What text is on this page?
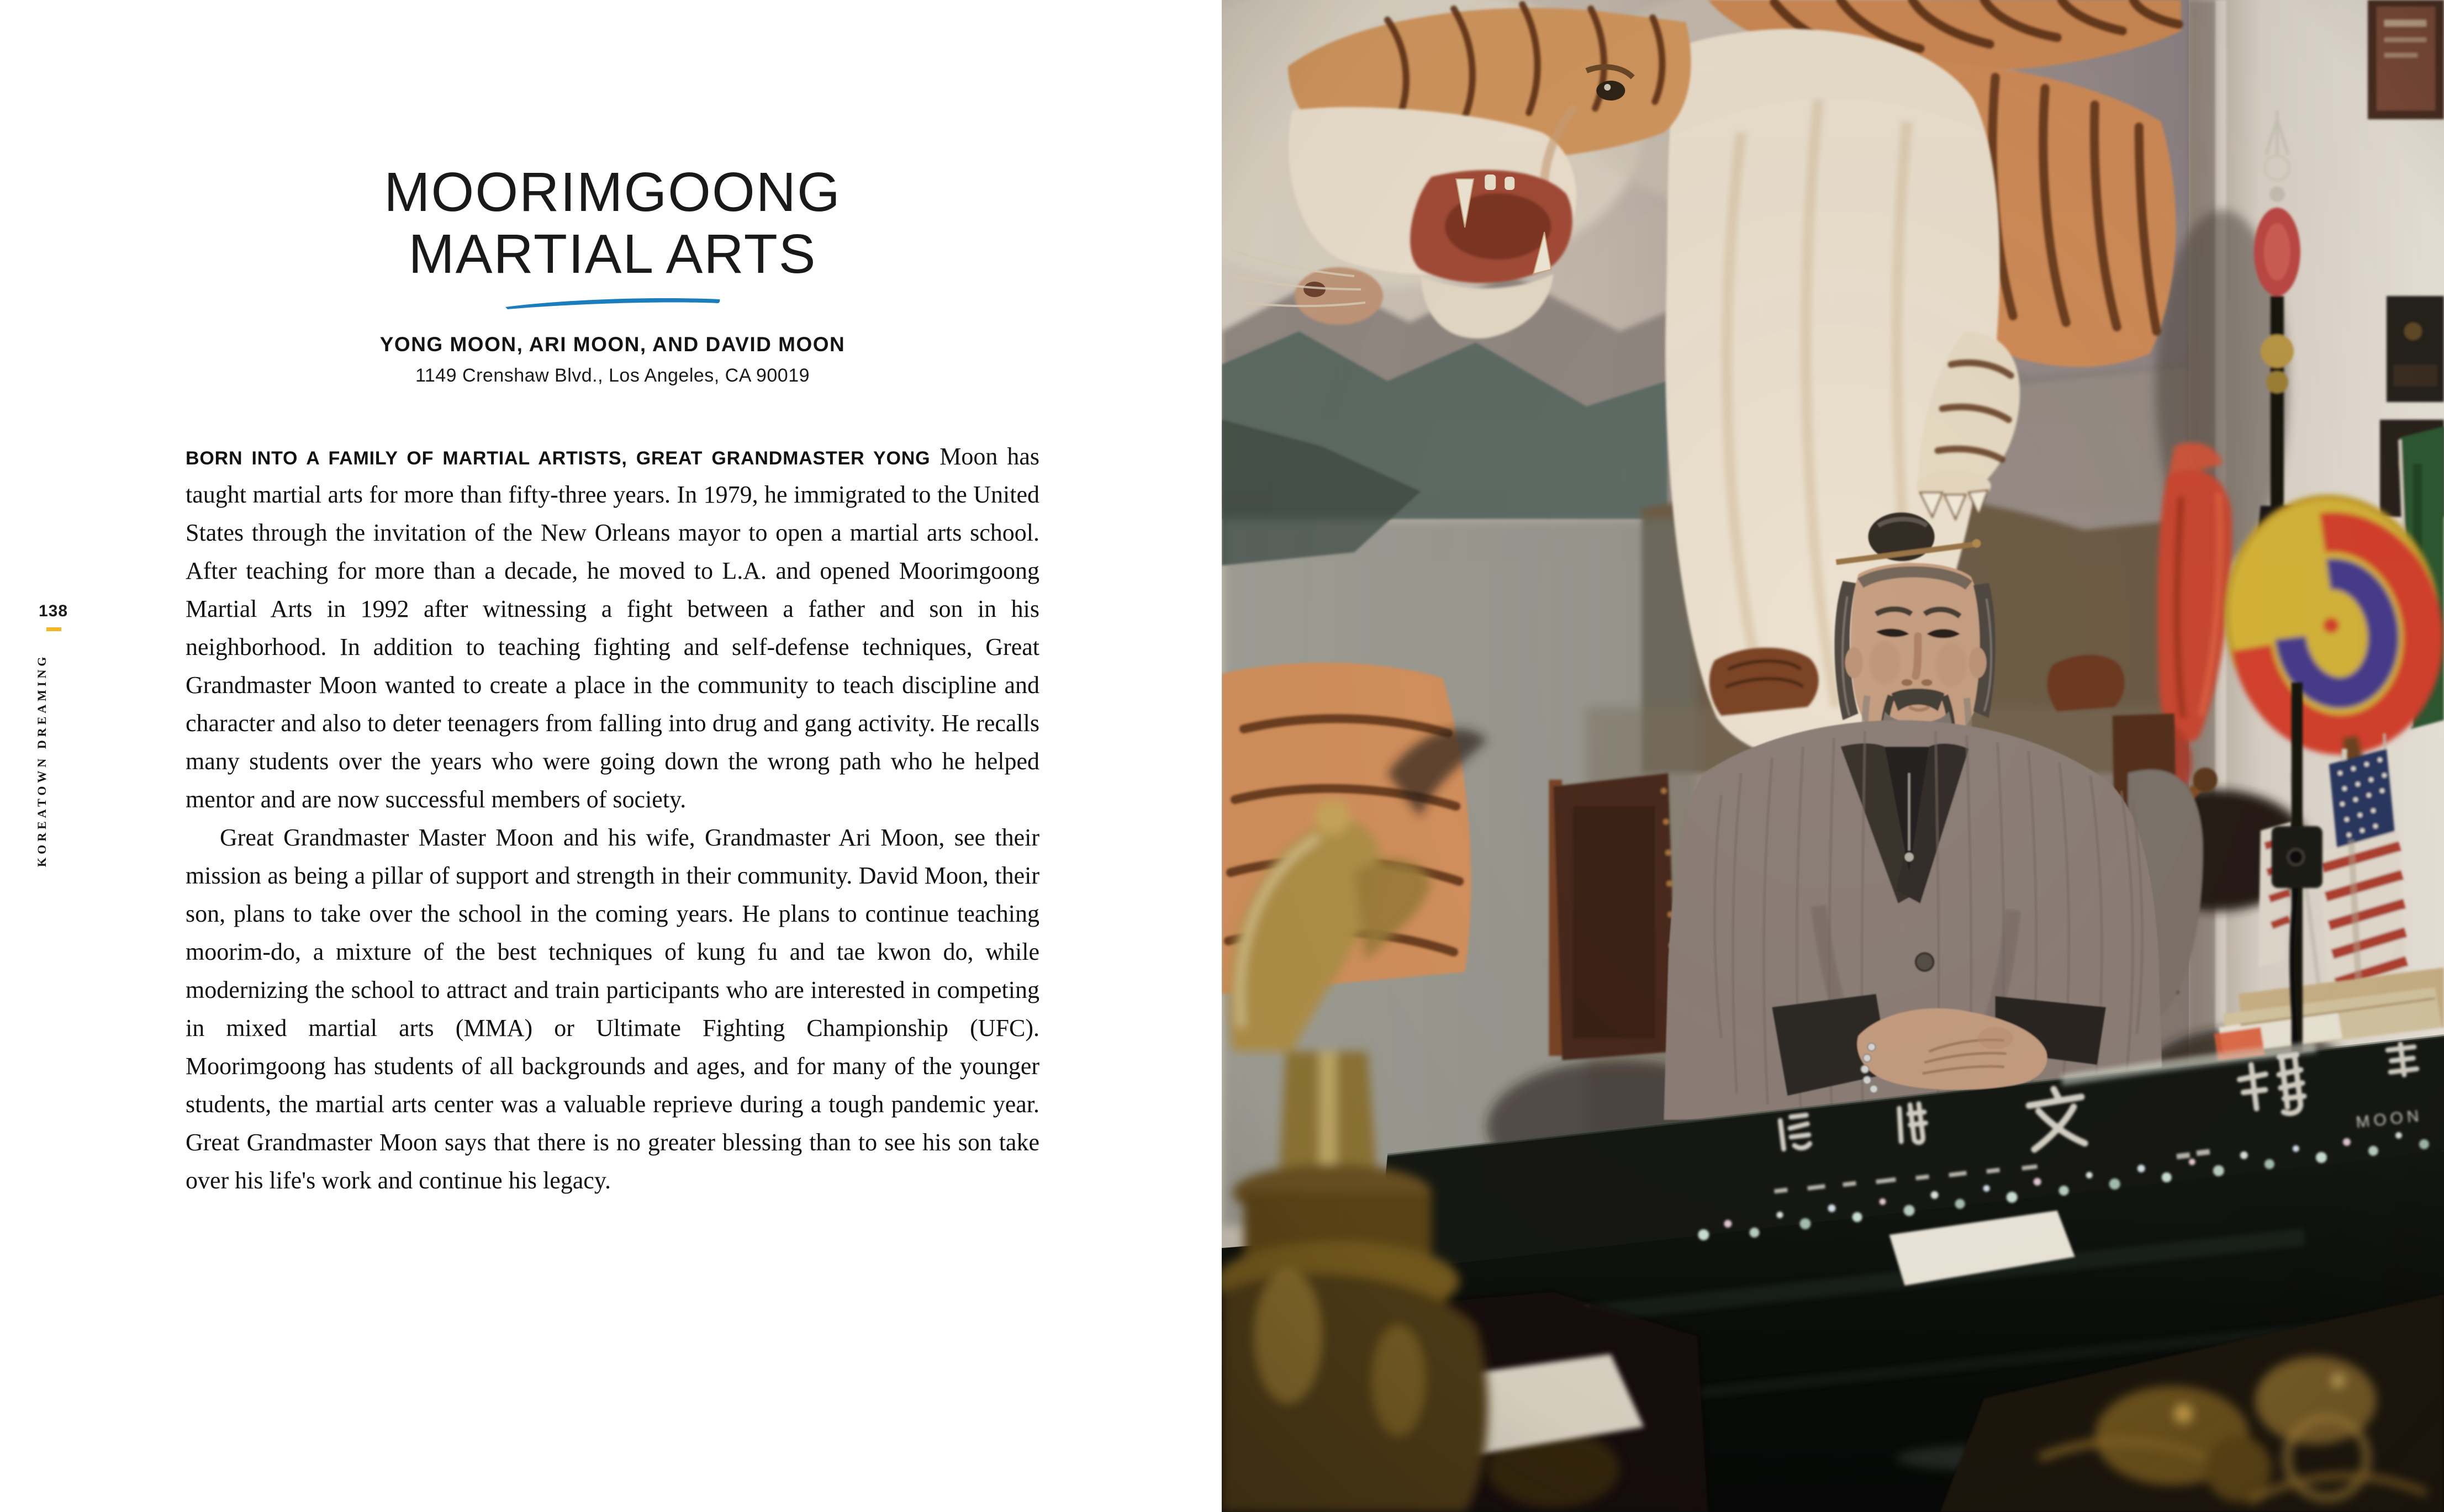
138
KOREATOWN DREAMING
MOORIMGOONG
MARTIAL ARTS
YONG MOON, ARI MOON, AND DAVID MOON

1149 Crenshaw Blvd., Los Angeles, CA 90019

BORN INTO A FAMILY OF MARTIAL ARTISTS, GREAT GRANDMASTER YONG Moon has taught martial arts for more than fifty-three years. In 1979, he immigrated to the United States through the invitation of the New Orleans mayor to open a martial arts school. After teaching for more than a decade, he moved to L.A. and opened Moorimgoong Martial Arts in 1992 after witnessing a fight between a father and son in his neighborhood. In addition to teaching fighting and self-defense techniques, Great Grandmaster Moon wanted to create a place in the community to teach discipline and character and also to deter teenagers from falling into drug and gang activity. He recalls many students over the years who were going down the wrong path who he helped mentor and are now successful members of society.

Great Grandmaster Master Moon and his wife, Grandmaster Ari Moon, see their mission as being a pillar of support and strength in their community. David Moon, their son, plans to take over the school in the coming years. He plans to continue teaching moorim-do, a mixture of the best techniques of kung fu and tae kwon do, while modernizing the school to attract and train participants who are interested in competing in mixed martial arts (MMA) or Ultimate Fighting Championship (UFC). Moorimgoong has students of all backgrounds and ages, and for many of the younger students, the martial arts center was a valuable reprieve during a tough pandemic year. Great Grandmaster Moon says that there is no greater blessing than to see his son take over his life's work and continue his legacy.
